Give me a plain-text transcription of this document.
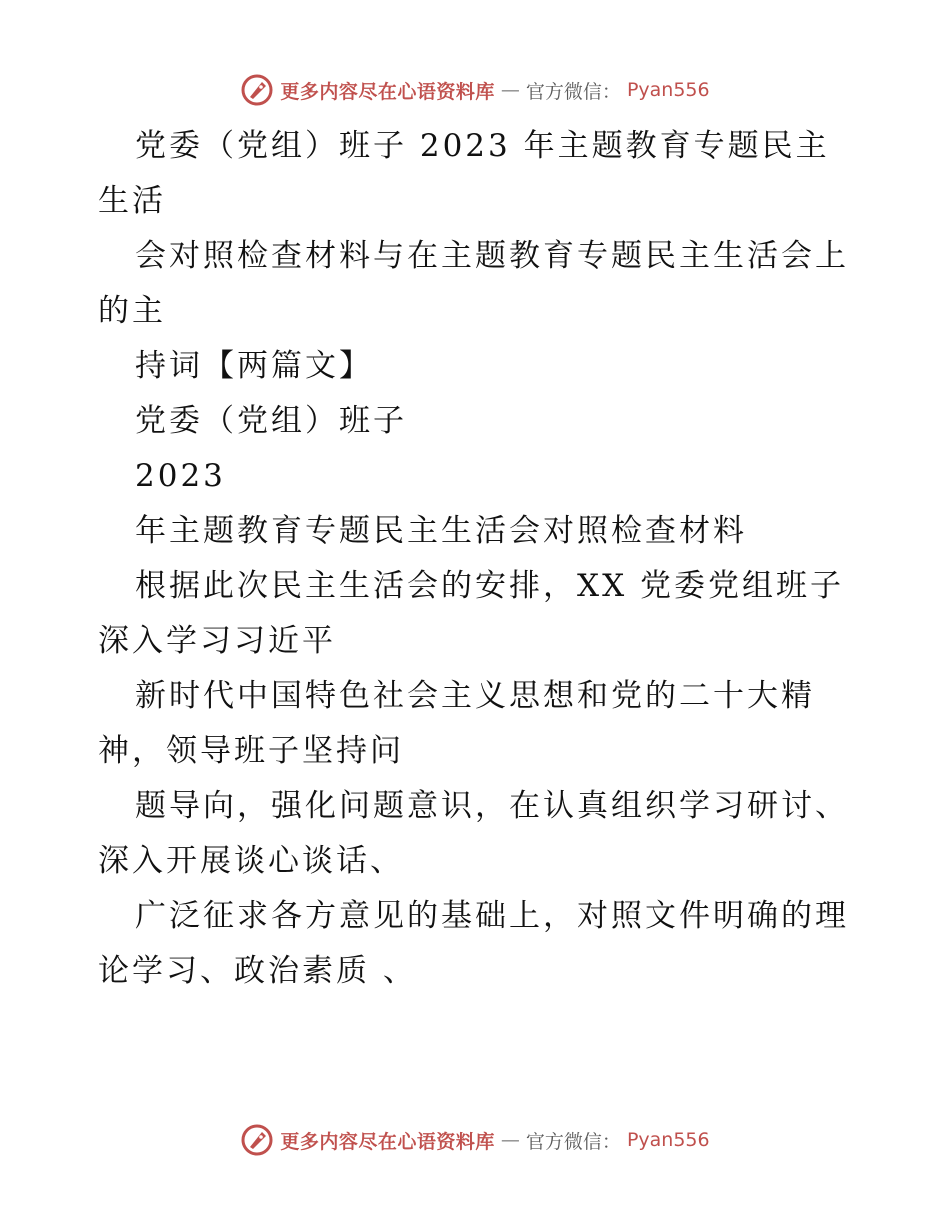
更多内容尽在心语资料库 — 官方微信： Pyan556

党委（党组）班子 2023 年主题教育专题民主生活

会对照检查材料与在主题教育专题民主生活会上的主

持词【两篇文】

党委（党组）班子

2023

年主题教育专题民主生活会对照检查材料

根据此次民主生活会的安排，XX 党委党组班子深入学习习近平

新时代中国特色社会主义思想和党的二十大精神，领导班子坚持问

题导向，强化问题意识，在认真组织学习研讨、深入开展谈心谈话、

广泛征求各方意见的基础上，对照文件明确的理论学习、政治素质 、

更多内容尽在心语资料库 — 官方微信： Pyan556
